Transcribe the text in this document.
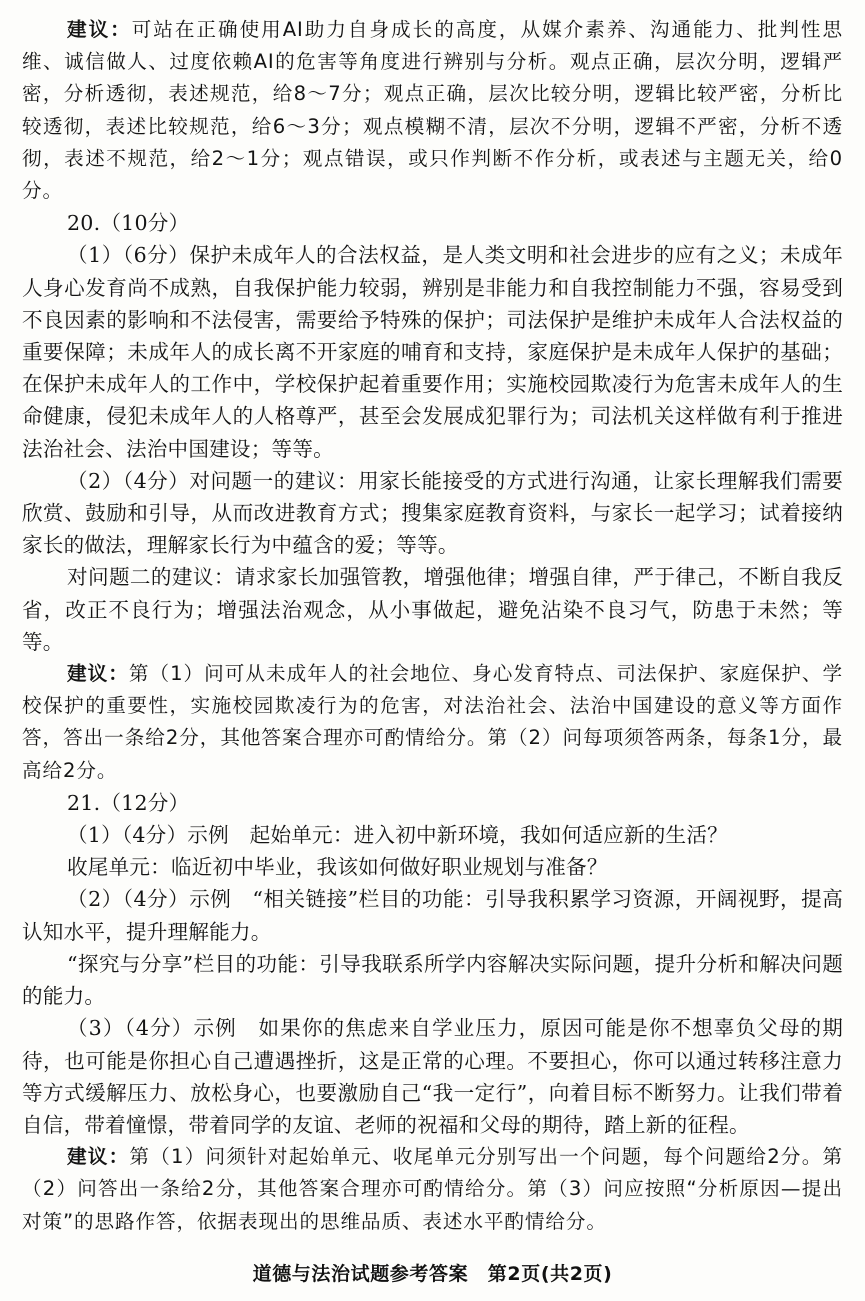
建议：可站在正确使用AI助力自身成长的高度，从媒介素养、沟通能力、批判性思维、诚信做人、过度依赖AI的危害等角度进行辨别与分析。观点正确，层次分明，逻辑严密，分析透彻，表述规范，给8～7分；观点正确，层次比较分明，逻辑比较严密，分析比较透彻，表述比较规范，给6～3分；观点模糊不清，层次不分明，逻辑不严密，分析不透彻，表述不规范，给2～1分；观点错误，或只作判断不作分析，或表述与主题无关，给0分。

20.（10分）

（1）（6分）保护未成年人的合法权益，是人类文明和社会进步的应有之义；未成年人身心发育尚不成熟，自我保护能力较弱，辨别是非能力和自我控制能力不强，容易受到不良因素的影响和不法侵害，需要给予特殊的保护；司法保护是维护未成年人合法权益的重要保障；未成年人的成长离不开家庭的哺育和支持，家庭保护是未成年人保护的基础；在保护未成年人的工作中，学校保护起着重要作用；实施校园欺凌行为危害未成年人的生命健康，侵犯未成年人的人格尊严，甚至会发展成犯罪行为；司法机关这样做有利于推进法治社会、法治中国建设；等等。

（2）（4分）对问题一的建议：用家长能接受的方式进行沟通，让家长理解我们需要欣赏、鼓励和引导，从而改进教育方式；搜集家庭教育资料，与家长一起学习；试着接纳家长的做法，理解家长行为中蕴含的爱；等等。

对问题二的建议：请求家长加强管教，增强他律；增强自律，严于律己，不断自我反省，改正不良行为；增强法治观念，从小事做起，避免沾染不良习气，防患于未然；等等。

建议：第（1）问可从未成年人的社会地位、身心发育特点、司法保护、家庭保护、学校保护的重要性，实施校园欺凌行为的危害，对法治社会、法治中国建设的意义等方面作答，答出一条给2分，其他答案合理亦可酌情给分。第（2）问每项须答两条，每条1分，最高给2分。

21.（12分）

（1）（4分）示例　起始单元：进入初中新环境，我如何适应新的生活？

收尾单元：临近初中毕业，我该如何做好职业规划与准备？

（2）（4分）示例　“相关链接”栏目的功能：引导我积累学习资源，开阔视野，提高认知水平，提升理解能力。

“探究与分享”栏目的功能：引导我联系所学内容解决实际问题，提升分析和解决问题的能力。

（3）（4分）示例　如果你的焦虑来自学业压力，原因可能是你不想辜负父母的期待，也可能是你担心自己遭遇挫折，这是正常的心理。不要担心，你可以通过转移注意力等方式缓解压力、放松身心，也要激励自己“我一定行”，向着目标不断努力。让我们带着自信，带着憧憬，带着同学的友谊、老师的祝福和父母的期待，踏上新的征程。

建议：第（1）问须针对起始单元、收尾单元分别写出一个问题，每个问题给2分。第（2）问答出一条给2分，其他答案合理亦可酌情给分。第（3）问应按照“分析原因—提出对策”的思路作答，依据表现出的思维品质、表述水平酌情给分。

道德与法治试题参考答案　第2页(共2页)
